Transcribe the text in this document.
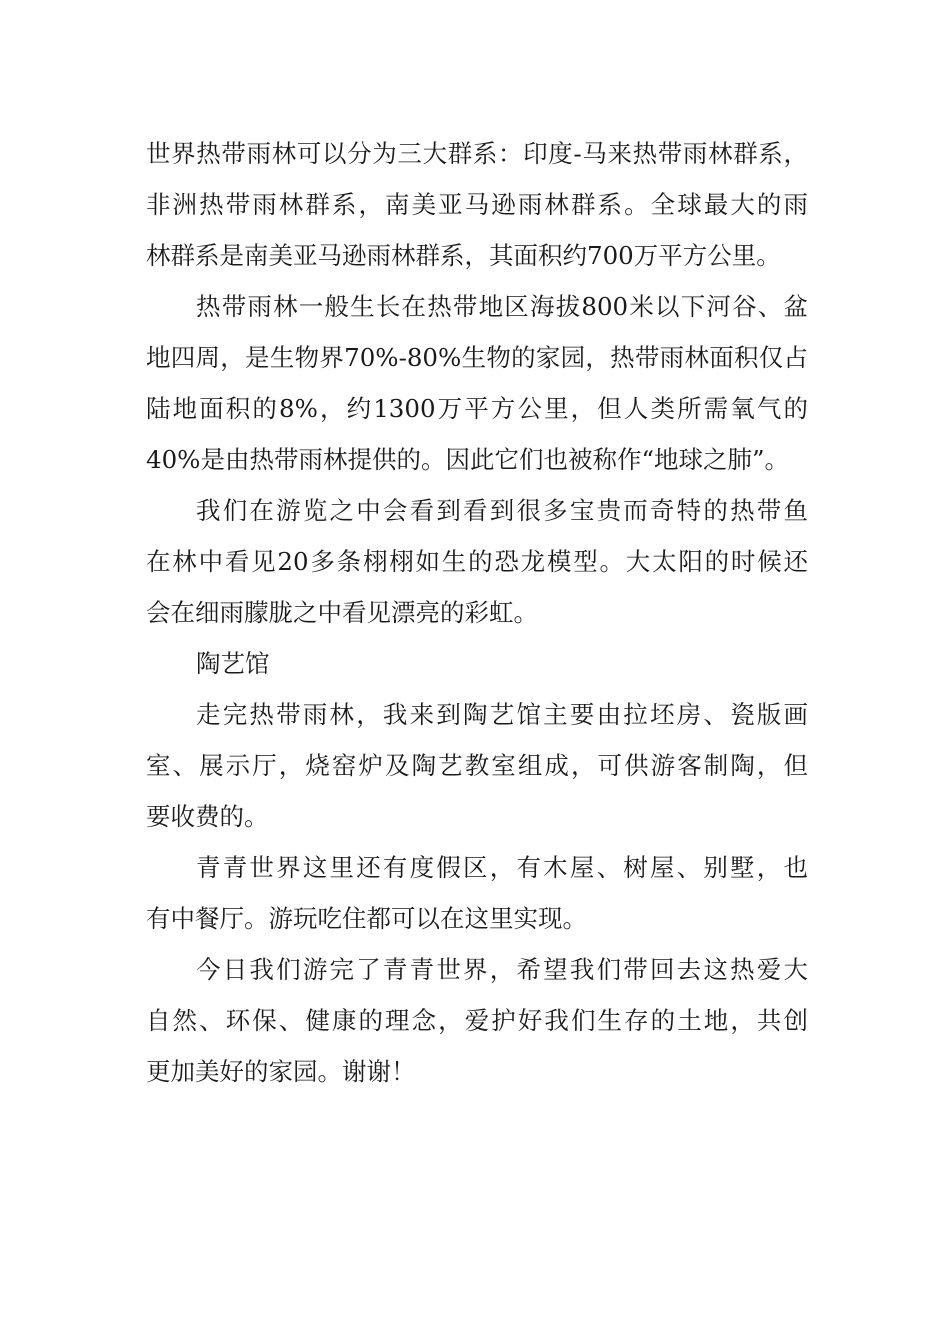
世界热带雨林可以分为三大群系：印度-马来热带雨林群系，
非洲热带雨林群系，南美亚马逊雨林群系。全球最大的雨
林群系是南美亚马逊雨林群系，其面积约700万平方公里。
热带雨林一般生长在热带地区海拔800米以下河谷、盆
地四周，是生物界70%-80%生物的家园，热带雨林面积仅占
陆地面积的8%，约1300万平方公里，但人类所需氧气的
40%是由热带雨林提供的。因此它们也被称作“地球之肺”。
我们在游览之中会看到看到很多宝贵而奇特的热带鱼
在林中看见20多条栩栩如生的恐龙模型。大太阳的时候还
会在细雨朦胧之中看见漂亮的彩虹。
陶艺馆
走完热带雨林，我来到陶艺馆主要由拉坯房、瓷版画
室、展示厅，烧窑炉及陶艺教室组成，可供游客制陶，但
要收费的。
青青世界这里还有度假区，有木屋、树屋、别墅，也
有中餐厅。游玩吃住都可以在这里实现。
今日我们游完了青青世界，希望我们带回去这热爱大
自然、环保、健康的理念，爱护好我们生存的土地，共创
更加美好的家园。谢谢！
